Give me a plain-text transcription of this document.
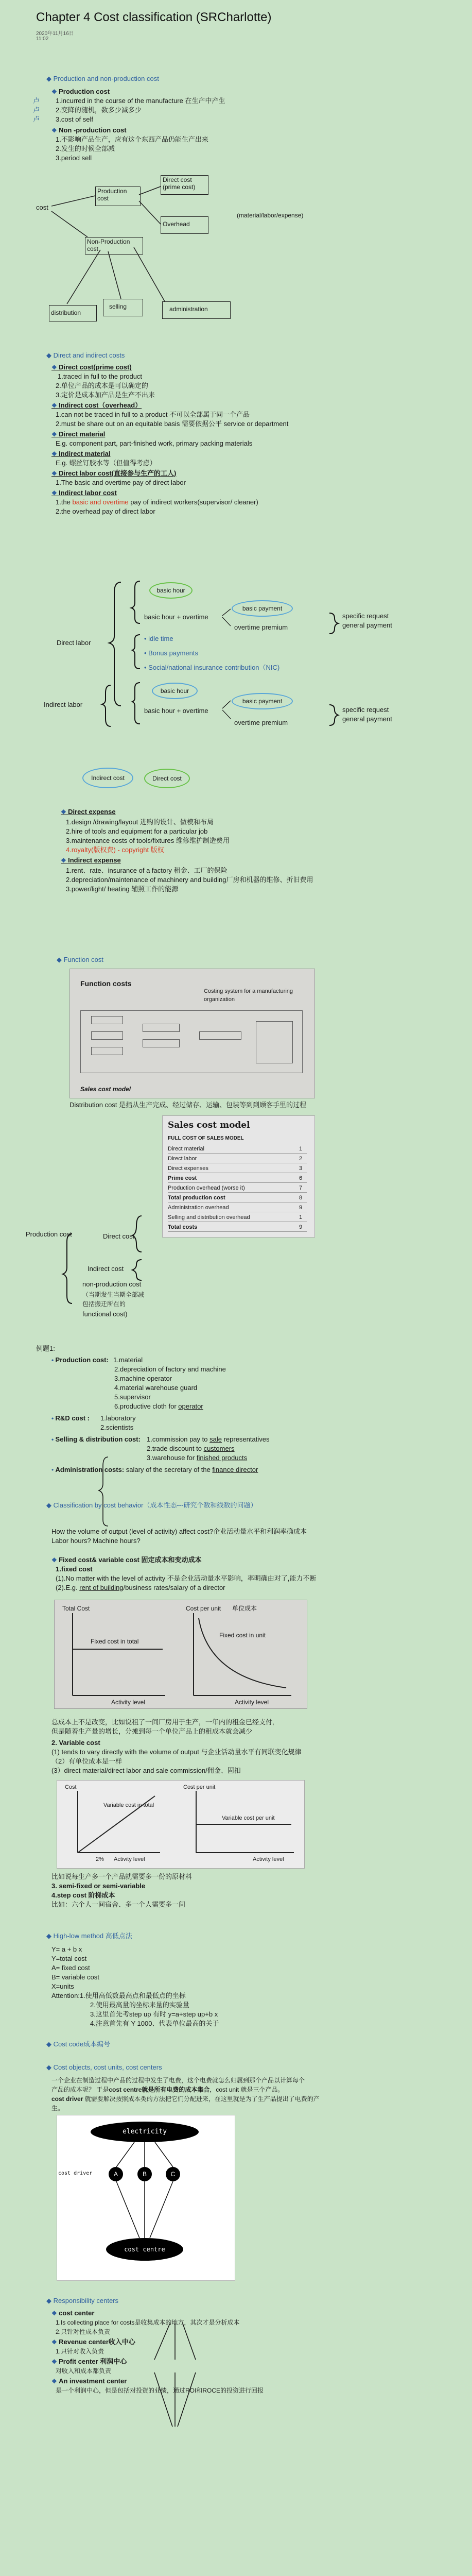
Chapter 4 Cost classification (SRCharlotte)
2020年11月16日
11:02
◆ Production and non-production cost
❖ Production cost
卢
卢
卢
1.incurred in the course of the manufacture 在生产中产生
2.变降的随机，数多少减多少
3.cost of self
❖ Non -production cost
1.不影响产品生产，应有这个东西产品仍能生产出来
2.发生的时候全部减
3.period sell
cost
Production cost
Direct cost (prime cost)
Overhead
(material/labor/expense)
Non-Production cost
distribution
selling	administration
◆ Direct and indirect costs
❖ Direct cost(prime cost)
1.traced in full to the product
2.单位产品的成本是可以确定的
3.定价是成本加产品是生产不出来
❖ Indirect cost（overhead）
1.can not be traced in full to a product 不可以全部属于同一个产品
2.must be share out on an equitable basis 需要依据公平 service or department
❖ Direct material
E.g. component part, part-finished work, primary packing materials
❖ Indirect material
E.g. 螺丝钉胶水等（但值得考虑）
❖ Direct labor cost(直接参与生产的工人)
1.The basic and overtime pay of direct labor
❖ Indirect labor cost
1.the basic and overtime pay of indirect workers(supervisor/ cleaner)
2.the overhead pay of direct labor
Direct labor
Indirect labor
basic hour
basic hour + overtime
basic payment
overtime premium
specific request
general payment
• idle time
• Bonus payments
• Social/national insurance contribution（NIC)
basic hour
basic hour + overtime
basic payment
overtime premium
specific request
general payment
Indirect cost	Direct cost
❖ Direct expense
1.design /drawing/layout 进购的设计、做模和布局
2.hire of tools and equipment for a particular job
3.maintenance costs of tools/fixtures 维修维护制造费用
4.royalty(版权费) - copyright 版权
❖ Indirect expense
1.rent、rate、insurance of a factory 租金、工厂的保险
2.depreciation/maintenance of machinery and building厂房和机器的维修、折旧费用
3.power/light/ heating 辅照工作的能源
◆ Function cost
Function costs
Costing system for a manufacturing organization
Sales cost model
Distribution cost 是指从生产完成、经过储存、运输、包装等到到顾客手里的过程
Sales cost model
FULL COST OF SALES MODEL
Direct material	1
Direct labor	2
Direct expenses	3
Prime cost	6
Production overhead (worse it)	7
Total production cost	8
Administration overhead	9
Selling and distribution overhead	1
Total costs	9
Production cost	Direct cost
Indirect cost
non-production cost
（当期发生当期全部减
包括搬迁所在的
functional cost)
例题1:
• Production cost: 1.material
2.depreciation of factory and machine
3.machine operator
4.material warehouse guard
5.supervisor
6.productive cloth for operator
• R&D cost : 1.laboratory
2.scientists
• Selling & distribution cost: 1.commission pay to sale representatives
2.trade discount to customers
3.warehouse for finished products
• Administration costs: salary of the secretary of the finance director
◆ Classification by cost behavior（成本性态---研究个数和线数的问题）
How the volume of output (level of activity) affect cost?企业活动量水平和利润率确成本
Labor hours? Machine hours?
❖ Fixed cost& variable cost 固定成本和变动成本
1.fixed cost
(1).No matter with the level of activity 不是企业活动量水平影响，率明确由对了,能力不断
(2).E.g. rent of building/business rates/salary of a director
Total Cost
Fixed cost in total
Activity level
Cost per unit 单位成本
Fixed cost in unit
Activity level
总成本上不是改变，比如说租了一间厂房用于生产，一年内的租金已经支付,
但是随着生产量的增长，分摊到每一个单位产品上的租成本就会减少
2. Variable cost
(1) tends to vary directly with the volume of output 与企业活动量水平有同联变化规律
（2）有单位成本是一样
(3）direct material/direct labor and sale commission/佣金、固扣
Cost
Variable cost in total
Activity level
2%
Cost per unit
Variable cost per unit
Activity level
比如说每生产多一个产品就需要多一份的原材料
3. semi-fixed or semi-variable
4.step cost 阶梯成本
比如：六个人一间宿舍、多一个人需要多一间
◆ High-low method 高低点法
Y= a + b x
Y=total cost
A= fixed cost
B= variable cost
X=units
Attention:1.使用高低数最高点和最低点的坐标
2.使用最高量的坐标来量的实验量
3.这里首先考step up 有时 y=a+step up+b x
4.注意首先有 Y 1000、代表单位最高的关于
◆ Cost code成本编号
◆ Cost objects, cost units, cost centers
一个企业在制造过程中产品的过程中发生了电费，这个电费就怎么归属到那个产品以计算每个
产品的成本呢？ 于是cost centre就是所有电费的成本集合，cost unit 就是三个产品。
cost driver 就需要解决按照成本类的方法把它们分配进来，在这里就是为了生产品提出了电费的产
生。
electricity
cost driver	A	B	C
cost centre
◆ Responsibility centers
❖ cost center
1.Is collecting place for costs是收集成本的地方，其次才是分析成本
2.只针对性成本负责
❖ Revenue center收入中心
1.只针对收入负责
❖ Profit center 利润中心
对收入和成本都负责
❖ An investment center
是一个利润中心，但是包括对投资的业绩，通过ROI和ROCE的投资进行回报
